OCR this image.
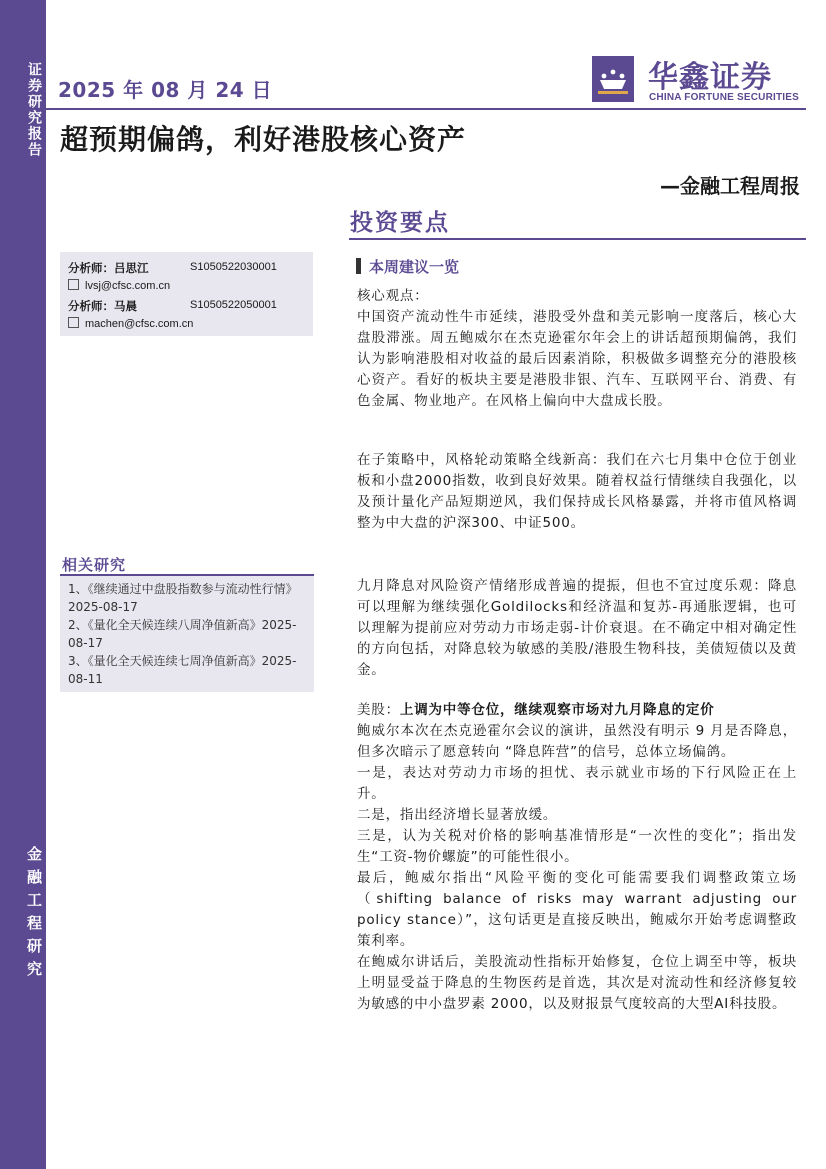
证券研究报告
金融工程研究
2025 年 08 月 24 日	华鑫证券
CHINA FORTUNE SECURITIES
超预期偏鸽，利好港股核心资产
—金融工程周报
投资要点
分析师：吕思江	S1050522030001
lvsj@cfsc.com.cn
分析师：马晨	S1050522050001
machen@cfsc.com.cn
相关研究
1、《继续通过中盘股指数参与流动性行情》2025-08-17
2、《量化全天候连续八周净值新高》2025-08-17
3、《量化全天候连续七周净值新高》2025-08-11
本周建议一览

核心观点：

中国资产流动性牛市延续，港股受外盘和美元影响一度落后，核心大盘股滞涨。周五鲍威尔在杰克逊霍尔年会上的讲话超预期偏鸽，我们认为影响港股相对收益的最后因素消除，积极做多调整充分的港股核心资产。看好的板块主要是港股非银、汽车、互联网平台、消费、有色金属、物业地产。在风格上偏向中大盘成长股。

在子策略中，风格轮动策略全线新高：我们在六七月集中仓位于创业板和小盘2000指数，收到良好效果。随着权益行情继续自我强化，以及预计量化产品短期逆风，我们保持成长风格暴露，并将市值风格调整为中大盘的沪深300、中证500。

九月降息对风险资产情绪形成普遍的提振，但也不宜过度乐观：降息可以理解为继续强化Goldilocks和经济温和复苏-再通胀逻辑，也可以理解为提前应对劳动力市场走弱-计价衰退。在不确定中相对确定性的方向包括，对降息较为敏感的美股/港股生物科技，美债短债以及黄金。

美股：上调为中等仓位，继续观察市场对九月降息的定价

鲍威尔本次在杰克逊霍尔会议的演讲，虽然没有明示 9 月是否降息，但多次暗示了愿意转向 “降息阵营”的信号，总体立场偏鸽。

一是，表达对劳动力市场的担忧、表示就业市场的下行风险正在上升。

二是，指出经济增长显著放缓。

三是，认为关税对价格的影响基准情形是“一次性的变化”；指出发生“工资-物价螺旋”的可能性很小。

最后，鲍威尔指出“风险平衡的变化可能需要我们调整政策立场（shifting balance of risks may warrant adjusting our policy stance）”，这句话更是直接反映出，鲍威尔开始考虑调整政策利率。

在鲍威尔讲话后，美股流动性指标开始修复，仓位上调至中等，板块上明显受益于降息的生物医药是首选，其次是对流动性和经济修复较为敏感的中小盘罗素 2000，以及财报景气度较高的大型AI科技股。
